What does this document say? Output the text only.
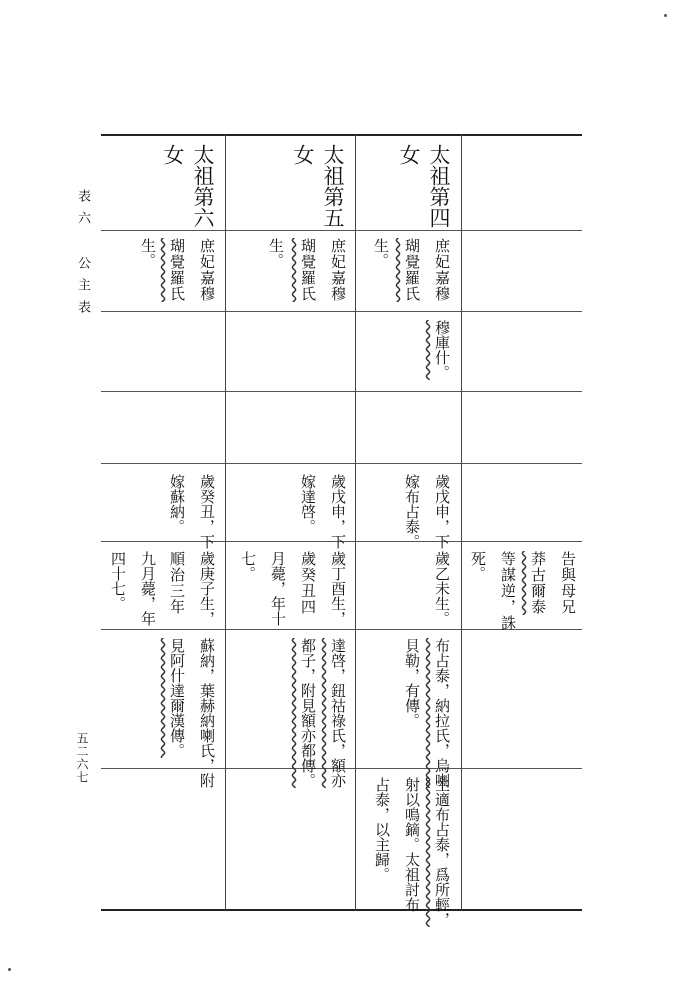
表六
公主表
五二六七
太祖第六
女
庶妃嘉穆
瑚覺羅氏
生。
歲癸丑，下
嫁蘇納。
歲庚子生，
順治三年
九月薨，年
四十七。
蘇納，葉赫納喇氏，附
見阿什達爾漢傳。
太祖第五
女
庶妃嘉穆
瑚覺羅氏
生。
歲戊申，下
嫁達啓。
歲丁酉生，
歲癸丑四
月薨，年十
七。
達啓，鈕祜祿氏，額亦
都子，附見額亦都傳。
太祖第四
女
庶妃嘉穆
瑚覺羅氏
生。
穆庫什。
歲戊申，下
嫁布占泰。
歲乙未生。
布占泰，納拉氏，烏喇
貝勒，有傳。
主適布占泰，爲所輕，
射以鳴鏑。太祖討布
占泰，以主歸。
告與母兄
莽古爾泰
等謀逆，誅
死。
